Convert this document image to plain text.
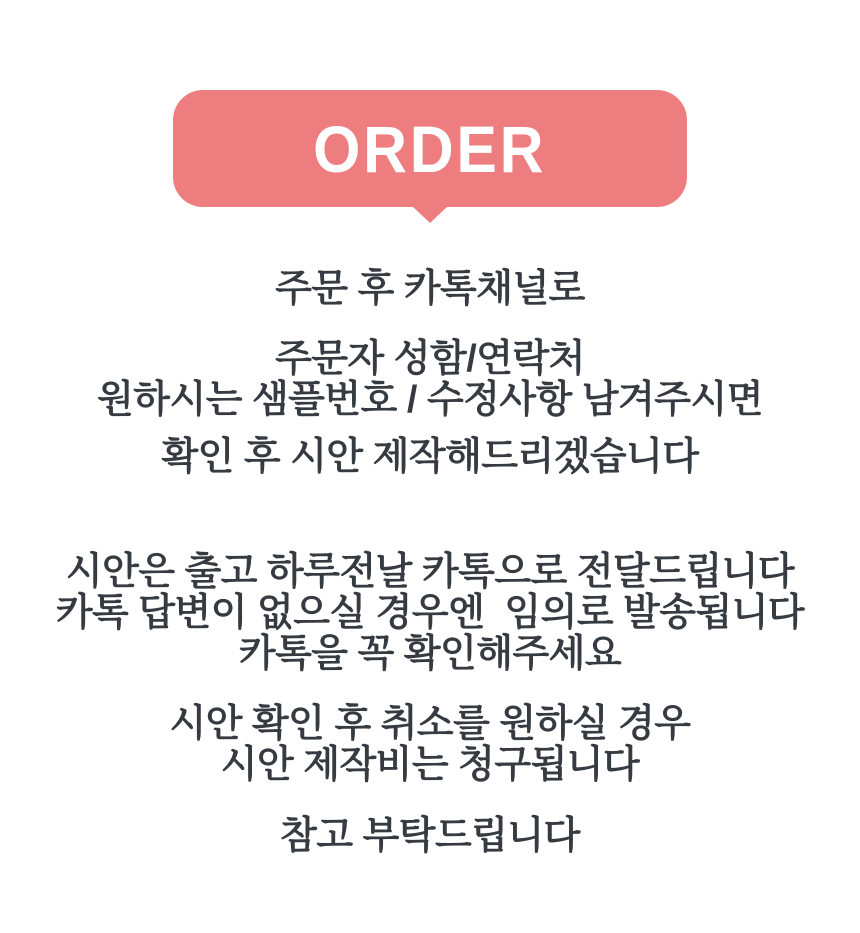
ORDER
주문 후 카톡채널로
주문자 성함/연락처
원하시는 샘플번호 / 수정사항 남겨주시면
확인 후 시안 제작해드리겠습니다
시안은 출고 하루전날 카톡으로 전달드립니다
카톡 답변이 없으실 경우엔  임의로 발송됩니다
카톡을 꼭 확인해주세요
시안 확인 후 취소를 원하실 경우
시안 제작비는 청구됩니다
참고 부탁드립니다
